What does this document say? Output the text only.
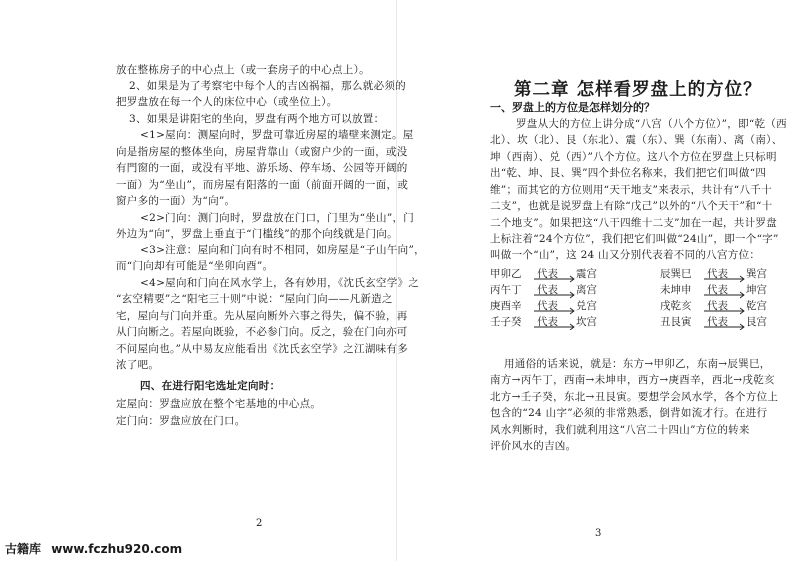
放在整栋房子的中心点上（或一套房子的中心点上）。
2、如果是为了考察宅中每个人的吉凶祸福，那么就必须的
把罗盘放在每一个人的床位中心（或坐位上）。
3、如果是讲阳宅的坐向，罗盘有两个地方可以放置：
<1>屋向：测屋向时，罗盘可靠近房屋的墙壁来测定。屋
向是指房屋的整体坐向，房屋背靠山（或窗户少的一面，或没
有門窗的一面，或没有平地、游乐场、停车场、公园等开阔的
一面）为“坐山”，而房屋有阳落的一面（前面开阔的一面，或
窗户多的一面）为“向”。
<2>门向：测门向时，罗盘放在门口，门里为“坐山”，门
外边为“向”，罗盘上垂直于“门槛线”的那个向线就是门向。
<3>注意：屋向和门向有时不相同，如房屋是“子山午向”，
而“门向却有可能是“坐卯向酉”。
<4>屋向和门向在风水学上，各有妙用，《沈氏玄空学》之
“玄空精要”之“阳宅三十则”中说：“屋向门向——凡新造之
宅，屋向与门向并重。先从屋向断外六事之得失，偏不验，再
从门向断之。若屋向既验，不必参门向。反之，验在门向亦可
不问屋向也。”从中易友应能看出《沈氏玄空学》之江湖味有多
浓了吧。
四、在进行阳宅选址定向时：
定屋向：罗盘应放在整个宅基地的中心点。
定门向：罗盘应放在门口。
2
第二章 怎样看罗盘上的方位？
一、罗盘上的方位是怎样划分的？
罗盘从大的方位上讲分成“八宫（八个方位）”，即“乾（西
北）、坎（北）、艮（东北）、震（东）、巽（东南）、离（南）、
坤（西南）、兑（西）”八个方位。这八个方位在罗盘上只标明
出“乾、坤、艮、巽”四个卦位名称来，我们把它们叫做“四
维”；而其它的方位则用“天干地支”来表示，共计有“八千十
二支”，也就是说罗盘上有除“戊己”以外的“八个天干”和“十
二个地支”。如果把这“八干四维十二支”加在一起，共计罗盘
上标注着“24个方位”，我们把它们叫做“24山”，即一个“字”
叫做一个“山”，这 24 山又分别代表着不同的八宫方位：
甲卯乙 代表 震宫
丙午丁 代表 离宫
庚酉辛 代表 兑宫
壬子癸 代表 坎宫
辰巽巳 代表 巽宫
未坤申 代表 坤宫
戌乾亥 代表 乾宫
丑艮寅 代表 艮宫
用通俗的话来说，就是：东方→甲卯乙，东南→辰巽巳，
南方→丙午丁，西南→未坤申，西方→庚酉辛，西北→戌乾亥
北方→壬子癸，东北→丑艮寅。要想学会风水学，各个方位上
包含的“24 山字”必须的非常熟悉，倒背如流才行。在进行
风水判断时，我们就利用这“八宫二十四山”方位的转来
评价风水的吉凶。
3
古籍库 www.fczhu920.com
